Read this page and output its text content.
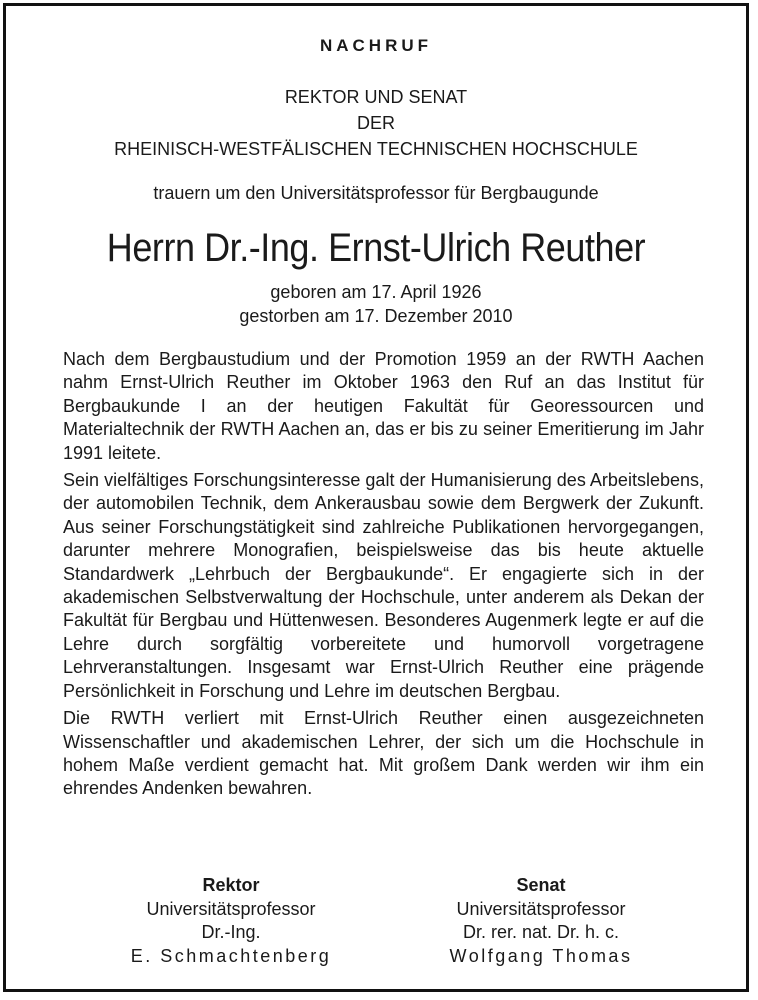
NACHRUF
REKTOR UND SENAT
DER
RHEINISCH-WESTFÄLISCHEN TECHNISCHEN HOCHSCHULE
trauern um den Universitätsprofessor für Bergbaugunde
Herrn Dr.-Ing. Ernst-Ulrich Reuther
geboren am 17. April 1926
gestorben am 17. Dezember 2010

Nach dem Bergbaustudium und der Promotion 1959 an der RWTH Aachen nahm Ernst-Ulrich Reuther im Oktober 1963 den Ruf an das Institut für Bergbaukunde I an der heutigen Fakultät für Georessourcen und Materialtechnik der RWTH Aachen an, das er bis zu seiner Emeritierung im Jahr 1991 leitete.

Sein vielfältiges Forschungsinteresse galt der Humanisierung des Arbeitslebens, der automobilen Technik, dem Ankerausbau sowie dem Bergwerk der Zukunft. Aus seiner Forschungstätigkeit sind zahlreiche Publikationen hervorgegangen, darunter mehrere Monografien, beispielsweise das bis heute aktuelle Standardwerk „Lehrbuch der Bergbaukunde“. Er engagierte sich in der akademischen Selbstverwaltung der Hochschule, unter anderem als Dekan der Fakultät für Bergbau und Hüttenwesen. Besonderes Augenmerk legte er auf die Lehre durch sorgfältig vorbereitete und humorvoll vorgetragene Lehrveranstaltungen. Insgesamt war Ernst-Ulrich Reuther eine prägende Persönlichkeit in Forschung und Lehre im deutschen Bergbau.

Die RWTH verliert mit Ernst-Ulrich Reuther einen ausgezeichneten Wissenschaftler und akademischen Lehrer, der sich um die Hochschule in hohem Maße verdient gemacht hat. Mit großem Dank werden wir ihm ein ehrendes Andenken bewahren.

Rektor
Universitätsprofessor
Dr.-Ing.
E. Schmachtenberg
Senat
Universitätsprofessor
Dr. rer. nat. Dr. h. c.
Wolfgang Thomas
